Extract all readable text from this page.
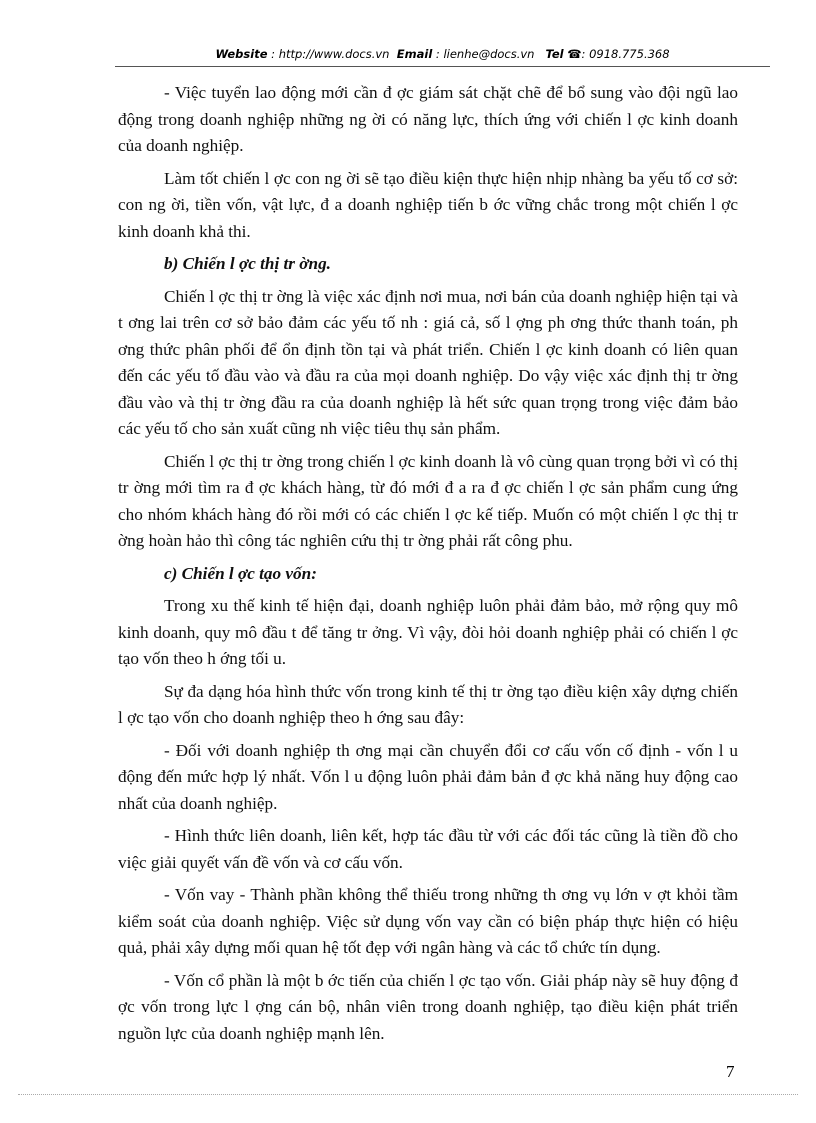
Website : http://www.docs.vn Email : lienhe@docs.vn Tel ☎: 0918.775.368

- Việc tuyển lao động mới cần đ ợc giám sát chặt chẽ để bổ sung vào đội ngũ lao động trong doanh nghiệp những ng ời có năng lực, thích ứng với chiến l ợc kinh doanh của doanh nghiệp.

Làm tốt chiến l ợc con ng ời sẽ tạo điều kiện thực hiện nhịp nhàng ba yếu tố cơ sở: con ng ời, tiền vốn, vật lực, đ a doanh nghiệp tiến b ớc vững chắc trong một chiến l ợc kinh doanh khả thi.

b) Chiến l ợc thị tr ờng.

Chiến l ợc thị tr ờng là việc xác định nơi mua, nơi bán của doanh nghiệp hiện tại và t ơng lai trên cơ sở bảo đảm các yếu tố nh : giá cả, số l ợng ph ơng thức thanh toán, ph ơng thức phân phối để ổn định tồn tại và phát triển. Chiến l ợc kinh doanh có liên quan đến các yếu tố đầu vào và đầu ra của mọi doanh nghiệp. Do vậy việc xác định thị tr ờng đầu vào và thị tr ờng đầu ra của doanh nghiệp là hết sức quan trọng trong việc đảm bảo các yếu tố cho sản xuất cũng nh việc tiêu thụ sản phẩm.

Chiến l ợc thị tr ờng trong chiến l ợc kinh doanh là vô cùng quan trọng bởi vì có thị tr ờng mới tìm ra đ ợc khách hàng, từ đó mới đ a ra đ ợc chiến l ợc sản phẩm cung ứng cho nhóm khách hàng đó rồi mới có các chiến l ợc kế tiếp. Muốn có một chiến l ợc thị tr ờng hoàn hảo thì công tác nghiên cứu thị tr ờng phải rất công phu.

c) Chiến l ợc tạo vốn:

Trong xu thế kinh tế hiện đại, doanh nghiệp luôn phải đảm bảo, mở rộng quy mô kinh doanh, quy mô đầu t để tăng tr ởng. Vì vậy, đòi hỏi doanh nghiệp phải có chiến l ợc tạo vốn theo h ớng tối u.

Sự đa dạng hóa hình thức vốn trong kinh tế thị tr ờng tạo điều kiện xây dựng chiến l ợc tạo vốn cho doanh nghiệp theo h ớng sau đây:

- Đối với doanh nghiệp th ơng mại cần chuyển đổi cơ cấu vốn cố định - vốn l u động đến mức hợp lý nhất. Vốn l u động luôn phải đảm bản đ ợc khả năng huy động cao nhất của doanh nghiệp.

- Hình thức liên doanh, liên kết, hợp tác đầu từ với các đối tác cũng là tiền đồ cho việc giải quyết vấn đề vốn và cơ cấu vốn.

- Vốn vay - Thành phần không thể thiếu trong những th ơng vụ lớn v ợt khỏi tầm kiểm soát của doanh nghiệp. Việc sử dụng vốn vay cần có biện pháp thực hiện có hiệu quả, phải xây dựng mối quan hệ tốt đẹp với ngân hàng và các tổ chức tín dụng.

- Vốn cổ phần là một b ớc tiến của chiến l ợc tạo vốn. Giải pháp này sẽ huy động đ ợc vốn trong lực l ợng cán bộ, nhân viên trong doanh nghiệp, tạo điều kiện phát triển nguồn lực của doanh nghiệp mạnh lên.

7
